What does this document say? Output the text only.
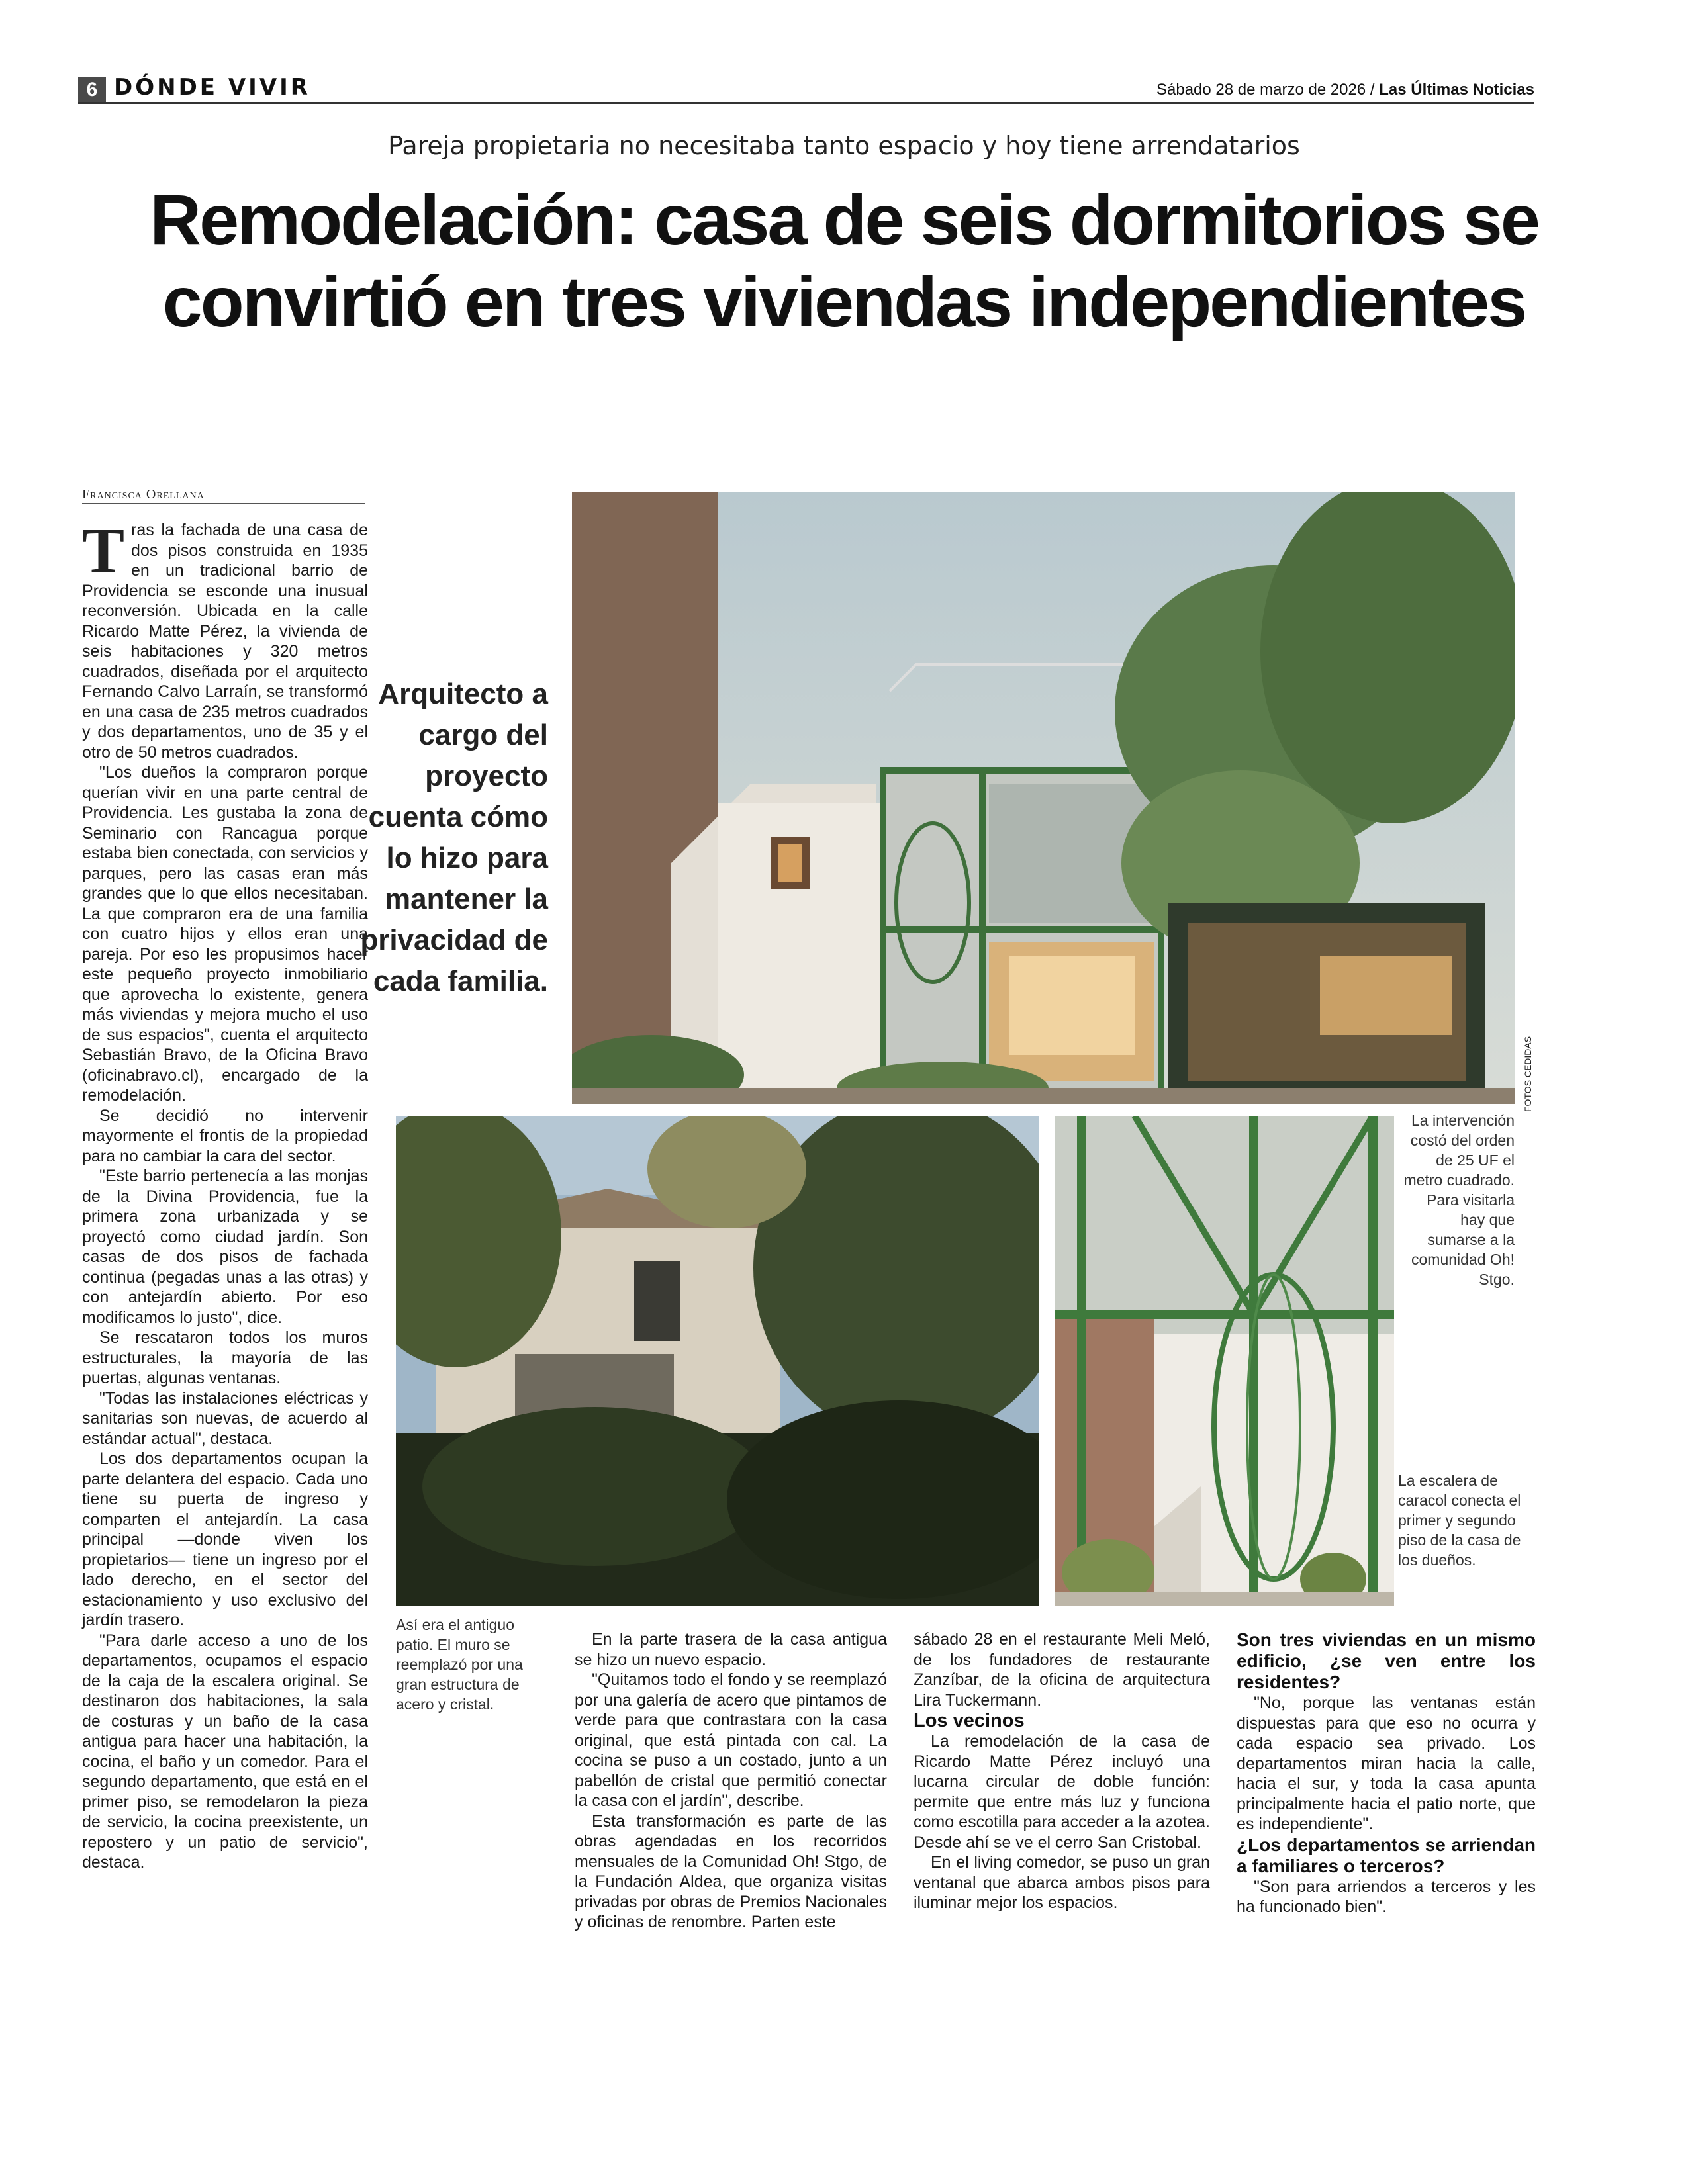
6 DÓNDE VIVIR	Sábado 28 de marzo de 2026 / Las Últimas Noticias
Pareja propietaria no necesitaba tanto espacio y hoy tiene arrendatarios
Remodelación: casa de seis dormitorios se convirtió en tres viviendas independientes
Francisca Orellana

Tras la fachada de una casa de dos pisos construida en 1935 en un tradicional barrio de Providencia se esconde una inusual reconversión. Ubicada en la calle Ricardo Matte Pérez, la vivienda de seis habitaciones y 320 metros cuadrados, diseñada por el arquitecto Fernando Calvo Larraín, se transformó en una casa de 235 metros cuadrados y dos departamentos, uno de 35 y el otro de 50 metros cuadrados.

"Los dueños la compraron porque querían vivir en una parte central de Providencia. Les gustaba la zona de Seminario con Rancagua porque estaba bien conectada, con servicios y parques, pero las casas eran más grandes que lo que ellos necesitaban. La que compraron era de una familia con cuatro hijos y ellos eran una pareja. Por eso les propusimos hacer este pequeño proyecto inmobiliario que aprovecha lo existente, genera más viviendas y mejora mucho el uso de sus espacios", cuenta el arquitecto Sebastián Bravo, de la Oficina Bravo (oficinabravo.cl), encargado de la remodelación.

Se decidió no intervenir mayormente el frontis de la propiedad para no cambiar la cara del sector.

"Este barrio pertenecía a las monjas de la Divina Providencia, fue la primera zona urbanizada y se proyectó como ciudad jardín. Son casas de dos pisos de fachada continua (pegadas unas a las otras) y con antejardín abierto. Por eso modificamos lo justo", dice.

Se rescataron todos los muros estructurales, la mayoría de las puertas, algunas ventanas.

"Todas las instalaciones eléctricas y sanitarias son nuevas, de acuerdo al estándar actual", destaca.

Los dos departamentos ocupan la parte delantera del espacio. Cada uno tiene su puerta de ingreso y comparten el antejardín. La casa principal —donde viven los propietarios— tiene un ingreso por el lado derecho, en el sector del estacionamiento y uso exclusivo del jardín trasero.

"Para darle acceso a uno de los departamentos, ocupamos el espacio de la caja de la escalera original. Se destinaron dos habitaciones, la sala de costuras y un baño de la casa antigua para hacer una habitación, la cocina, el baño y un comedor. Para el segundo departamento, que está en el primer piso, se remodelaron la pieza de servicio, la cocina preexistente, un repostero y un patio de servicio", destaca.

Arquitecto a cargo del proyecto cuenta cómo lo hizo para mantener la privacidad de cada familia.
FOTOS CEDIDAS
Así era el antiguo patio. El muro se reemplazó por una gran estructura de acero y cristal.
La intervención costó del orden de 25 UF el metro cuadrado. Para visitarla hay que sumarse a la comunidad Oh! Stgo.
La escalera de caracol conecta el primer y segundo piso de la casa de los dueños.

En la parte trasera de la casa antigua se hizo un nuevo espacio.

"Quitamos todo el fondo y se reemplazó por una galería de acero que pintamos de verde para que contrastara con la casa original, que está pintada con cal. La cocina se puso a un costado, junto a un pabellón de cristal que permitió conectar la casa con el jardín", describe.

Esta transformación es parte de las obras agendadas en los recorridos mensuales de la Comunidad Oh! Stgo, de la Fundación Aldea, que organiza visitas privadas por obras de Premios Nacionales y oficinas de renombre. Parten este

sábado 28 en el restaurante Meli Meló, de los fundadores de restaurante Zanzíbar, de la oficina de arquitectura Lira Tuckermann.

Los vecinos

La remodelación de la casa de Ricardo Matte Pérez incluyó una lucarna circular de doble función: permite que entre más luz y funciona como escotilla para acceder a la azotea. Desde ahí se ve el cerro San Cristobal.

En el living comedor, se puso un gran ventanal que abarca ambos pisos para iluminar mejor los espacios.

Son tres viviendas en un mismo edificio, ¿se ven entre los residentes?

"No, porque las ventanas están dispuestas para que eso no ocurra y cada espacio sea privado. Los departamentos miran hacia la calle, hacia el sur, y toda la casa apunta principalmente hacia el patio norte, que es independiente".

¿Los departamentos se arriendan a familiares o terceros?

"Son para arriendos a terceros y les ha funcionado bien".
